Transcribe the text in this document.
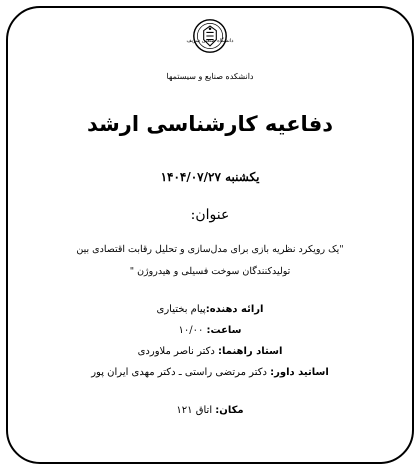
دانشگاه صنعتی شریف
دانشکده صنایع و سیستمها
دفاعیه کارشناسی ارشد
یکشنبه ۱۴۰۴/۰۷/۲۷
عنوان:
"یک رویکرد نظریه بازی برای مدل‌سازی و تحلیل رقابت اقتصادی بین
تولیدکنندگان سوخت فسیلی و هیدروژن "
ارائه دهنده:پیام بختیاری
ساعت: ۱۰/۰۰
استاد راهنما: دکتر ناصر ملاوردی
اساتید داور: دکتر مرتضی راستی ـ دکتر مهدی ایران پور
مکان: اتاق ۱۲۱
